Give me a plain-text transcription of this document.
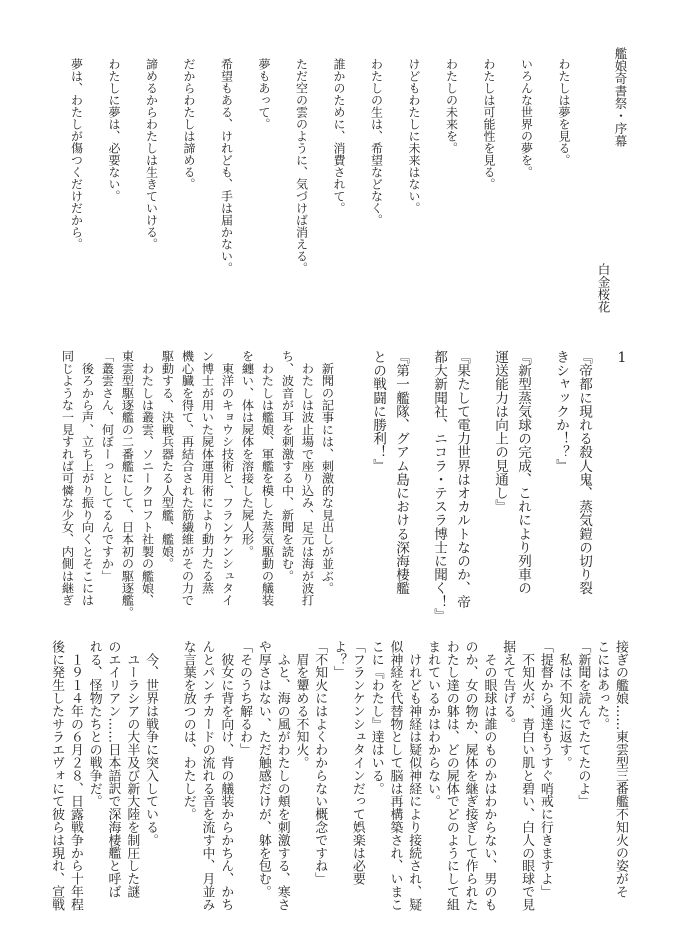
艦娘奇書祭・序幕
白金桜花
わたしは夢を見る。
いろんな世界の夢を。
わたしは可能性を見る。
わたしの未来を。
けどもわたしに未来はない。
わたしの生は、希望などなく。
誰かのために、消費されて。
ただ空の雲のように、気づけば消える。
夢もあって。
希望もある、けれども、手は届かない。
だからわたしは諦める。
諦めるからわたしは生きていける。
わたしに夢は、必要ない。
夢は、わたしが傷つくだけだから。
1
『帝都に現れる殺人鬼、蒸気鎧の切り裂
きシャックか！？』
『新型蒸気球の完成、これにより列車の
運送能力は向上の見通し』
『果たして電力世界はオカルトなのか、帝
都大新聞社、ニコラ・テスラ博士に聞く！』
『第一艦隊、グアム島における深海棲艦
との戦闘に勝利！』
　新聞の記事には、刺激的な見出しが並ぶ。
　わたしは波止場で座り込み、足元は海が波打
ち、波音が耳を刺激する中、新聞を読む。
　わたしは艦娘、軍艦を模した蒸気駆動の艤装
を纏い、体は屍体を溶接した屍人形。
　東洋のキョウシ技術と、フランケンシュタイ
ン博士が用いた屍体運用術により動力たる蒸
機心臓を得て、再結合された筋繊維がその力で
駆動する、決戦兵器たる人型艦、艦娘。
　わたしは叢雲、ソニークロフト社製の艦娘、
東雲型駆逐艦の二番艦にして、日本初の駆逐艦。
「叢雲さん、何ぼーっとしてるんですか」
　後ろから声、立ち上がり振り向くとそこには
同じような一見すれば可憐な少女、内側は継ぎ
接ぎの艦娘……東雲型三番艦不知火の姿がそ
こにはあった。
「新聞を読んでたてたのよ」
　私は不知火に返す。
「提督から通達もうすぐ哨戒に行きますよ」
　不知火が、青白い肌と碧い、白人の眼球で見
据えて告げる。
　その眼球は誰のものかはわからない、男のも
のか、女の物か、屍体を継ぎ接ぎして作られた
わたし達の躰は、どの屍体でどのようにして組
まれているかはわからない。
　けれども神経は疑似神経により接続され、疑
似神経を代替物として脳は再構築され、いまこ
こに『わたし』達はいる。
「フランケンシュタインだって娯楽は必要
よ？」
「不知火にはよくわからない概念ですね」
　眉を顰める不知火。
　ふと、海の風がわたしの頬を刺激する、寒さ
や厚さはない、ただ触感だけが、躰を包む。
「そのうち解るわ」
　彼女に背を向け、背の艤装からかちん、かち
んとパンチカードの流れる音を流す中、月並み
な言葉を放つのは、わたしだ。
　今、世界は戦争に突入している。
　ユーラシアの大半及び新大陸を制圧した謎
のエイリアン……日本語訳で深海棲艦と呼ば
れる、怪物たちとの戦争だ。
　１９１４年の６月２８、日露戦争から十年程
後に発生したサラエヴォにて彼らは現れ、宣戦
